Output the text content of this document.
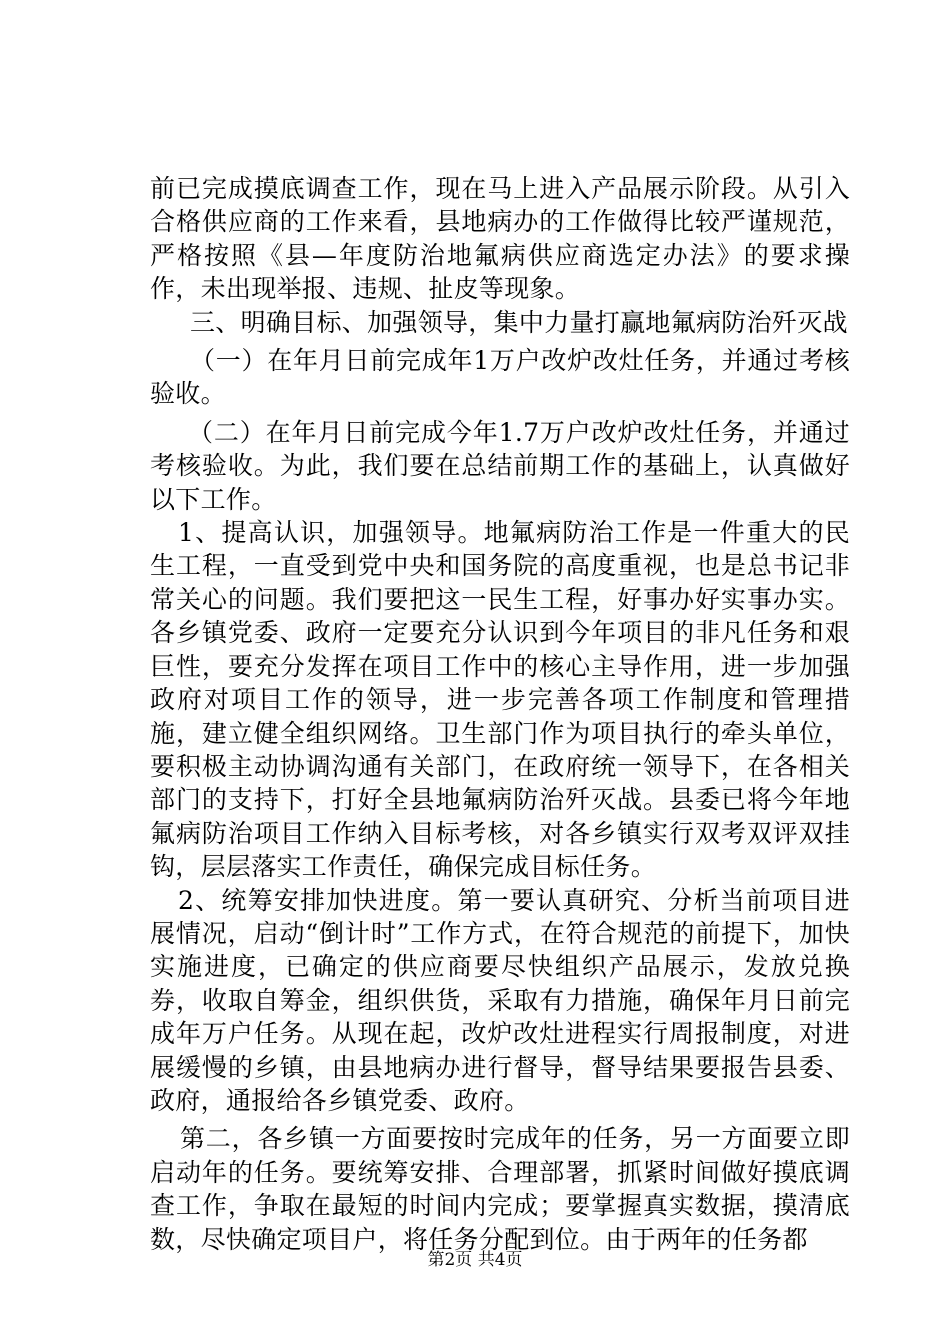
前已完成摸底调查工作，现在马上进入产品展示阶段。从引入合格供应商的工作来看，县地病办的工作做得比较严谨规范，严格按照《县—年度防治地氟病供应商选定办法》的要求操作，未出现举报、违规、扯皮等现象。

三、明确目标、加强领导，集中力量打赢地氟病防治歼灭战

（一）在年月日前完成年1万户改炉改灶任务，并通过考核验收。

（二）在年月日前完成今年1.7万户改炉改灶任务，并通过考核验收。为此，我们要在总结前期工作的基础上，认真做好以下工作。

1、提高认识，加强领导。地氟病防治工作是一件重大的民生工程，一直受到党中央和国务院的高度重视，也是总书记非常关心的问题。我们要把这一民生工程，好事办好实事办实。各乡镇党委、政府一定要充分认识到今年项目的非凡任务和艰巨性，要充分发挥在项目工作中的核心主导作用，进一步加强政府对项目工作的领导，进一步完善各项工作制度和管理措施，建立健全组织网络。卫生部门作为项目执行的牵头单位，要积极主动协调沟通有关部门，在政府统一领导下，在各相关部门的支持下，打好全县地氟病防治歼灭战。县委已将今年地氟病防治项目工作纳入目标考核，对各乡镇实行双考双评双挂钩，层层落实工作责任，确保完成目标任务。

2、统筹安排加快进度。第一要认真研究、分析当前项目进展情况，启动“倒计时”工作方式，在符合规范的前提下，加快实施进度，已确定的供应商要尽快组织产品展示，发放兑换券，收取自筹金，组织供货，采取有力措施，确保年月日前完成年万户任务。从现在起，改炉改灶进程实行周报制度，对进展缓慢的乡镇，由县地病办进行督导，督导结果要报告县委、政府，通报给各乡镇党委、政府。

第二，各乡镇一方面要按时完成年的任务，另一方面要立即启动年的任务。要统筹安排、合理部署，抓紧时间做好摸底调查工作，争取在最短的时间内完成；要掌握真实数据，摸清底数，尽快确定项目户，将任务分配到位。由于两年的任务都

第2页 共4页
